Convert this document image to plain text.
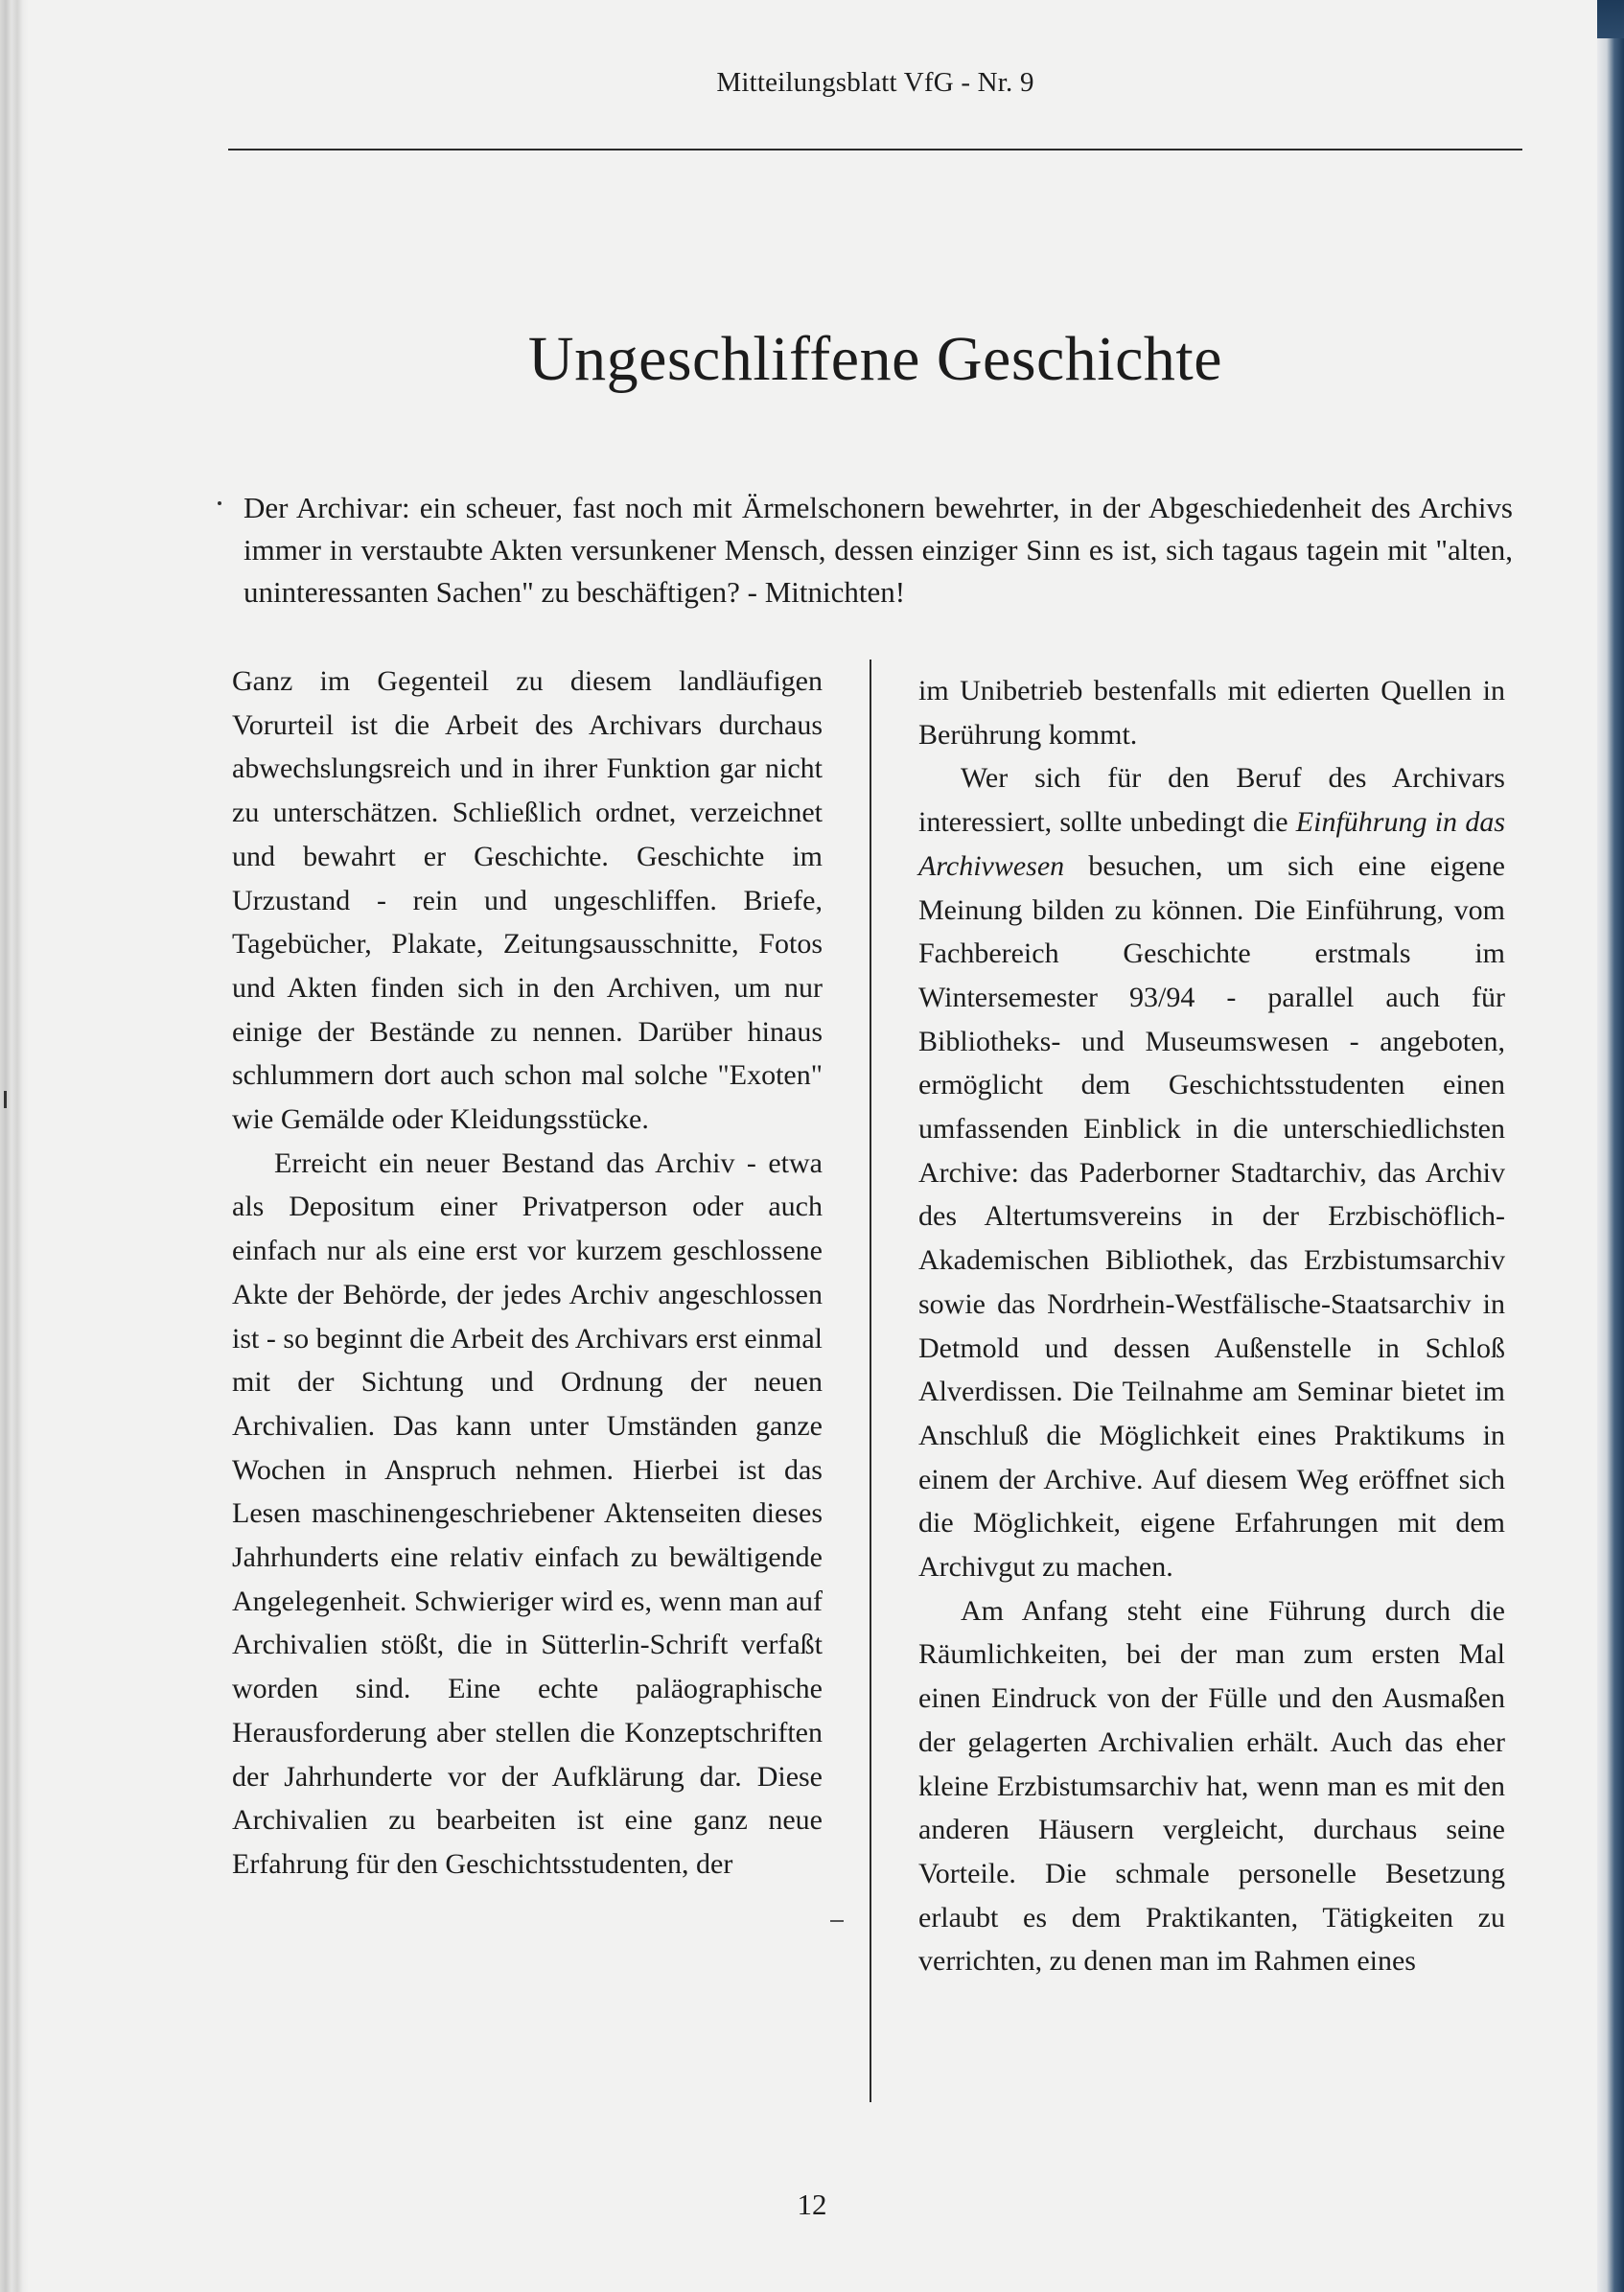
Mitteilungsblatt VfG - Nr. 9
Ungeschliffene Geschichte

Der Archivar: ein scheuer, fast noch mit Ärmelschonern bewehrter, in der Abgeschiedenheit des Archivs immer in verstaubte Akten versunkener Mensch, dessen einziger Sinn es ist, sich tagaus tagein mit "alten, uninteressanten Sachen" zu beschäftigen? - Mitnichten!

Ganz im Gegenteil zu diesem landläufigen Vorurteil ist die Arbeit des Archivars durchaus abwechslungsreich und in ihrer Funktion gar nicht zu unterschätzen. Schließlich ordnet, verzeichnet und bewahrt er Geschichte. Geschichte im Urzustand - rein und ungeschliffen. Briefe, Tagebücher, Plakate, Zeitungsausschnitte, Fotos und Akten finden sich in den Archiven, um nur einige der Bestände zu nennen. Darüber hinaus schlummern dort auch schon mal solche "Exoten" wie Gemälde oder Kleidungsstücke.

Erreicht ein neuer Bestand das Archiv - etwa als Depositum einer Privatperson oder auch einfach nur als eine erst vor kurzem geschlossene Akte der Behörde, der jedes Archiv angeschlossen ist - so beginnt die Arbeit des Archivars erst einmal mit der Sichtung und Ordnung der neuen Archivalien. Das kann unter Umständen ganze Wochen in Anspruch nehmen. Hierbei ist das Lesen maschinengeschriebener Aktenseiten dieses Jahrhunderts eine relativ einfach zu bewältigende Angelegenheit. Schwieriger wird es, wenn man auf Archivalien stößt, die in Sütterlin-Schrift verfaßt worden sind. Eine echte paläographische Herausforderung aber stellen die Konzeptschriften der Jahrhunderte vor der Aufklärung dar. Diese Archivalien zu bearbeiten ist eine ganz neue Erfahrung für den Geschichtsstudenten, der

im Unibetrieb bestenfalls mit edierten Quellen in Berührung kommt.

Wer sich für den Beruf des Archivars interessiert, sollte unbedingt die Einführung in das Archivwesen besuchen, um sich eine eigene Meinung bilden zu können. Die Einführung, vom Fachbereich Geschichte erstmals im Wintersemester 93/94 - parallel auch für Bibliotheks- und Museumswesen - angeboten, ermöglicht dem Geschichtsstudenten einen umfassenden Einblick in die unterschiedlichsten Archive: das Paderborner Stadtarchiv, das Archiv des Altertumsvereins in der Erzbischöflich-Akademischen Bibliothek, das Erzbistumsarchiv sowie das Nordrhein-Westfälische-Staatsarchiv in Detmold und dessen Außenstelle in Schloß Alverdissen. Die Teilnahme am Seminar bietet im Anschluß die Möglichkeit eines Praktikums in einem der Archive. Auf diesem Weg eröffnet sich die Möglichkeit, eigene Erfahrungen mit dem Archivgut zu machen.

Am Anfang steht eine Führung durch die Räumlichkeiten, bei der man zum ersten Mal einen Eindruck von der Fülle und den Ausmaßen der gelagerten Archivalien erhält. Auch das eher kleine Erzbistumsarchiv hat, wenn man es mit den anderen Häusern vergleicht, durchaus seine Vorteile. Die schmale personelle Besetzung erlaubt es dem Praktikanten, Tätigkeiten zu verrichten, zu denen man im Rahmen eines

12
